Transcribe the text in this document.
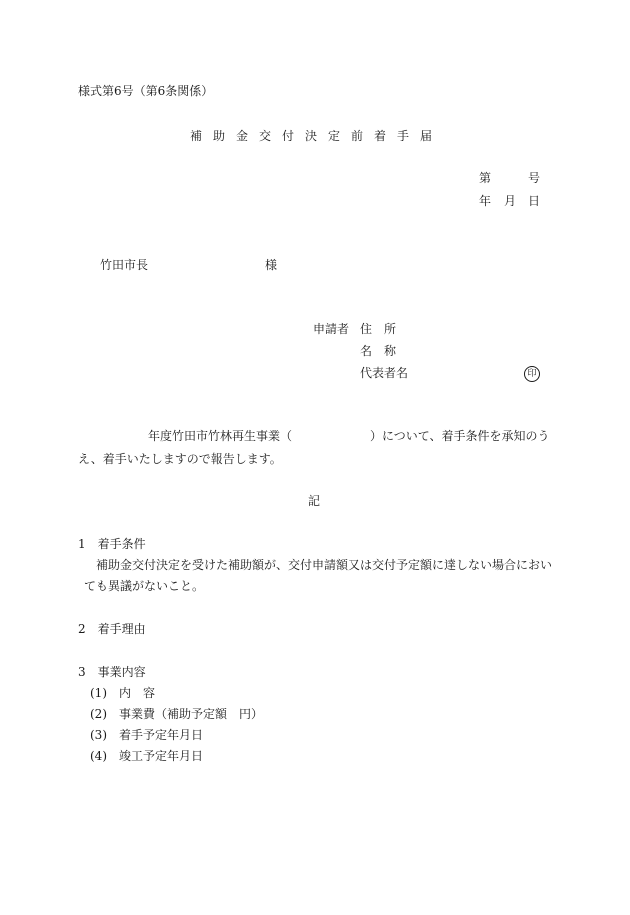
様式第6号（第6条関係）
補助金交付決定前着手届
第	号
年 月 日
竹田市長	様
申請者 住　所
名　称
代表者名	印
年度竹田市竹林再生事業（	）について、着手条件を承知のう
え、着手いたしますので報告します。
記
1　着手条件
補助金交付決定を受けた補助額が、交付申請額又は交付予定額に達しない場合におい
ても異議がないこと。
2　着手理由
3　事業内容
(1)　内　容
(2)　事業費（補助予定額　円）
(3)　着手予定年月日
(4)　竣工予定年月日
